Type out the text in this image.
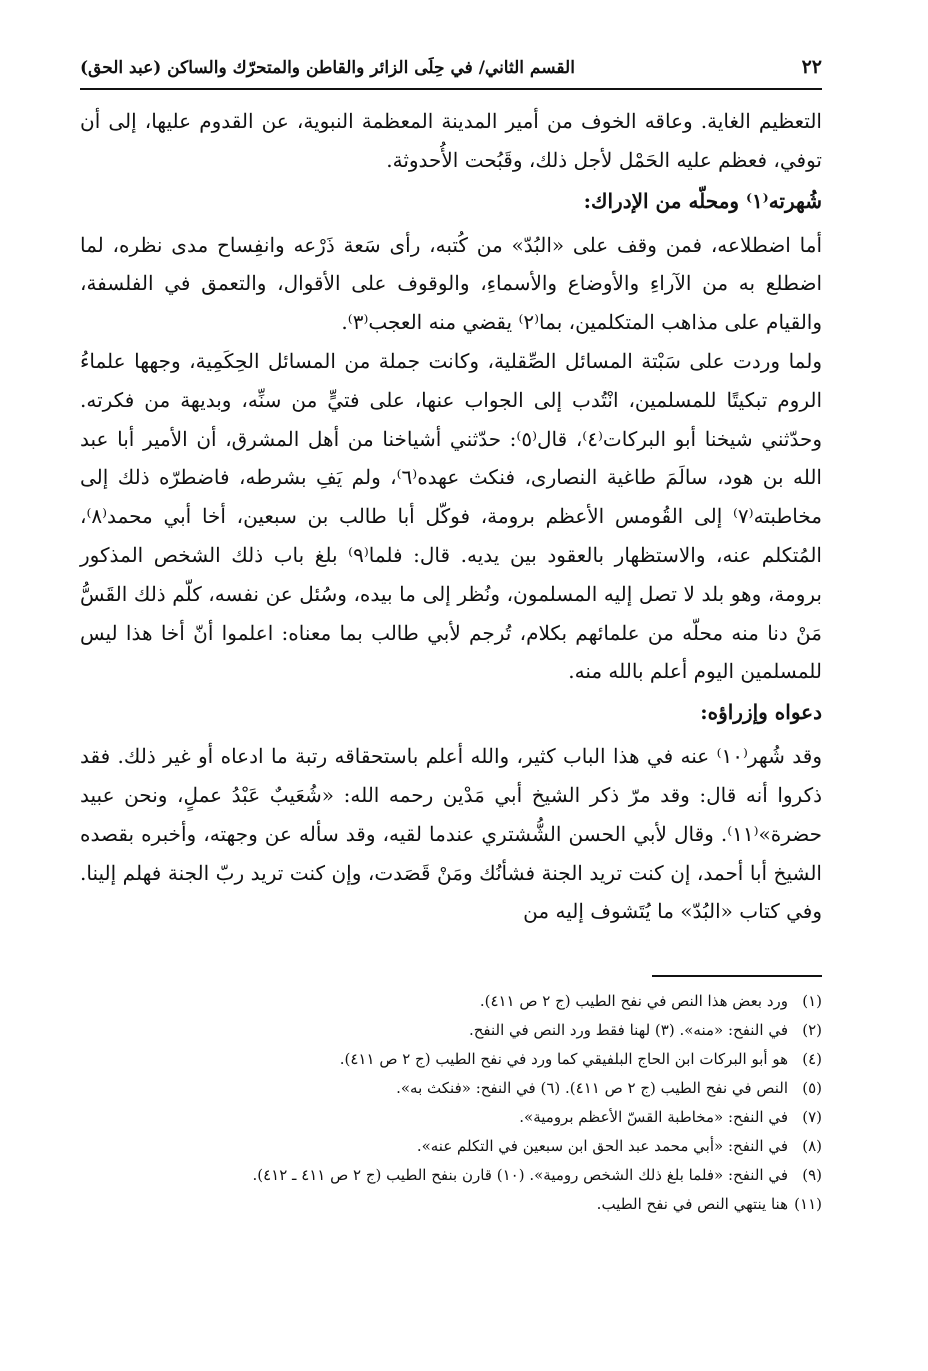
٢٢
القسم الثاني/ في حِلَى الزائر والقاطن والمتحرّك والساكن (عبد الحق)

التعظيم الغاية. وعاقه الخوف من أمير المدينة المعظمة النبوية، عن القدوم عليها، إلى أن توفي، فعظم عليه الحَمْل لأجل ذلك، وقَبُحت الأُحدوثة.

شُهرته⁽١⁾ ومحلّه من الإدراك:

أما اضطلاعه، فمن وقف على «البُدّ» من كُتبه، رأى سَعة ذَرْعه وانفِساح مدى نظره، لما اضطلع به من الآراءِ والأوضاع والأسماءِ، والوقوف على الأقوال، والتعمق في الفلسفة، والقيام على مذاهب المتكلمين، بما⁽٢⁾ يقضي منه العجب⁽٣⁾.

ولما وردت على سَبْتة المسائل الصِّقلية، وكانت جملة من المسائل الحِكَمِية، وجهها علماءُ الروم تبكيتًا للمسلمين، انْتُدب إلى الجواب عنها، على فتيٍّ من سنِّه، وبديهة من فكرته. وحدّثني شيخنا أبو البركات⁽٤⁾، قال⁽٥⁾: حدّثني أشياخنا من أهل المشرق، أن الأمير أبا عبد الله بن هود، سالَمَ طاغية النصارى، فنكث عهده⁽٦⁾، ولم يَفِ بشرطه، فاضطرّه ذلك إلى مخاطبته⁽٧⁾ إلى القُومس الأعظم برومة، فوكّل أبا طالب بن سبعين، أخا أبي محمد⁽٨⁾، المُتكلم عنه، والاستظهار بالعقود بين يديه. قال: فلما⁽٩⁾ بلغ باب ذلك الشخص المذكور برومة، وهو بلد لا تصل إليه المسلمون، ونُظر إلى ما بيده، وسُئل عن نفسه، كلّم ذلك القَسُّ مَنْ دنا منه محلّه من علمائهم بكلام، تُرجم لأبي طالب بما معناه: اعلموا أنّ أخا هذا ليس للمسلمين اليوم أعلم بالله منه.

دعواه وإزراؤه:

وقد شُهر⁽١٠⁾ عنه في هذا الباب كثير، والله أعلم باستحقاقه رتبة ما ادعاه أو غير ذلك. فقد ذكروا أنه قال: وقد مرّ ذكر الشيخ أبي مَدْين رحمه الله: «شُعَيبٌ عَبْدُ عملٍ، ونحن عبيد حضرة»⁽١١⁾. وقال لأبي الحسن الشُّشتري عندما لقيه، وقد سأله عن وجهته، وأخبره بقصده الشيخ أبا أحمد، إن كنت تريد الجنة فشأنُك ومَنْ قَصَدت، وإن كنت تريد ربّ الجنة فهلم إلينا. وفي كتاب «البُدّ» ما يُتَشوف إليه من

(١)ورد بعض هذا النص في نفح الطيب (ج ٢ ص ٤١١).
(٢)في النفح: «منه». (٣) لهنا فقط ورد النص في النفح.
(٤)هو أبو البركات ابن الحاج البلفيقي كما ورد في نفح الطيب (ج ٢ ص ٤١١).
(٥)النص في نفح الطيب (ج ٢ ص ٤١١). (٦) في النفح: «فنكث به».
(٧)في النفح: «مخاطبة القسّ الأعظم برومية».
(٨)في النفح: «أبي محمد عبد الحق ابن سبعين في التكلم عنه».
(٩)في النفح: «فلما بلغ ذلك الشخص رومية». (١٠) قارن بنفح الطيب (ج ٢ ص ٤١١ ـ ٤١٢).
(١١)هنا ينتهي النص في نفح الطيب.
